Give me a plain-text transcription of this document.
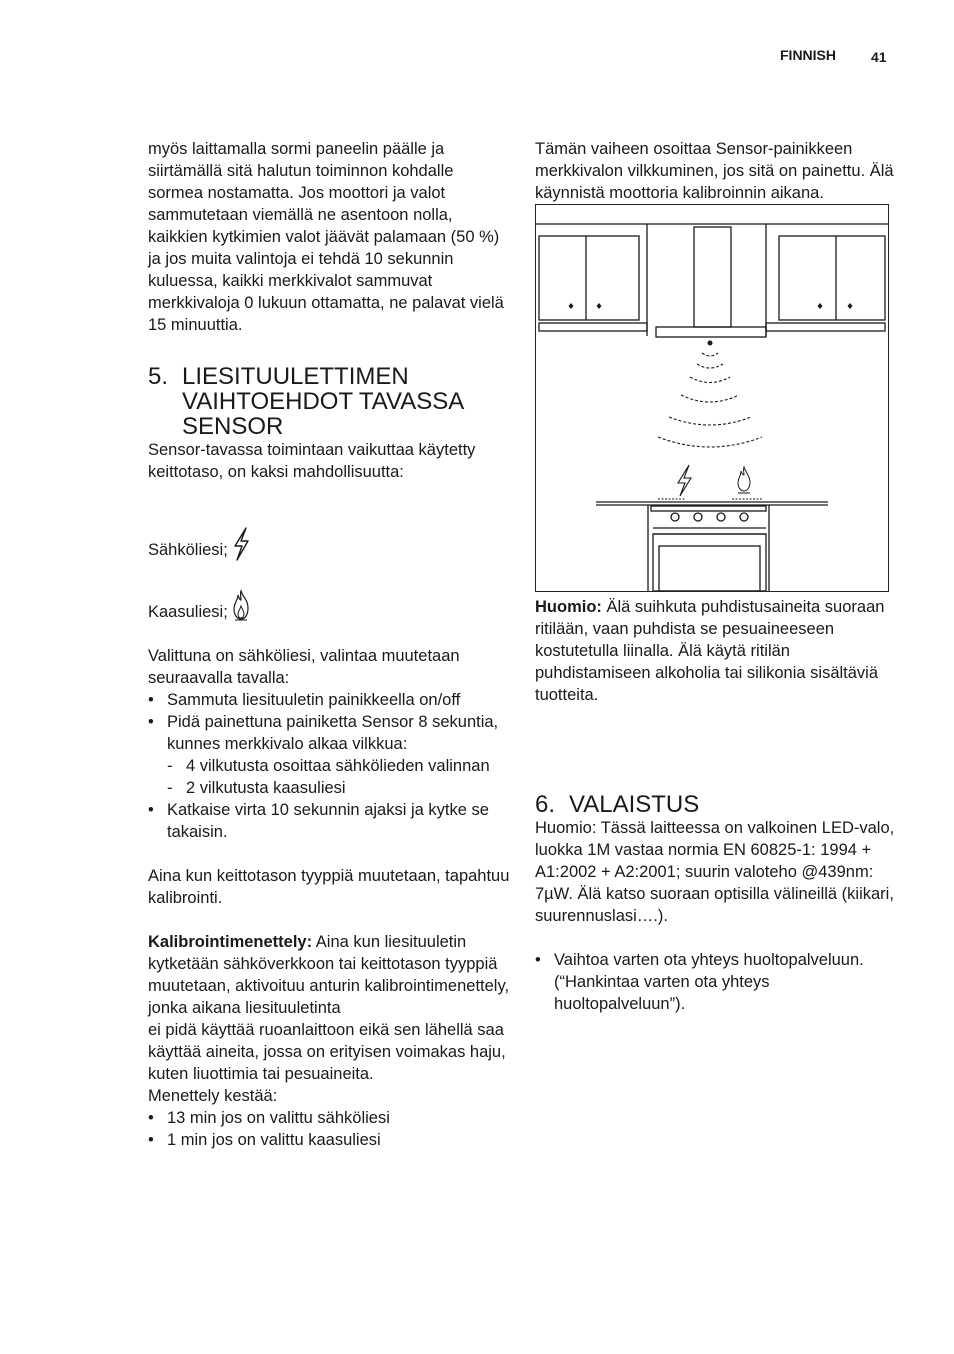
FINNISH	41

myös laittamalla sormi paneelin päälle ja siirtämällä sitä halutun toiminnon kohdalle sormea nostamatta. Jos moottori ja valot sammutetaan viemällä ne asentoon nolla, kaikkien kytkimien valot jäävät palamaan (50 %) ja jos muita valintoja ei tehdä 10 sekunnin kuluessa, kaikki merkkivalot sammuvat merkkivaloja 0 lukuun ottamatta, ne palavat vielä 15 minuuttia.

5. LIESITUULETTIMEN VAIHTOEHDOT TAVASSA SENSOR

Sensor-tavassa toimintaan vaikuttaa käytetty keittotaso, on kaksi mahdollisuutta:

Sähköliesi;

Kaasuliesi;

Valittuna on sähköliesi, valintaa muutetaan seuraavalla tavalla:

• Sammuta liesituuletin painikkeella on/off
• Pidä painettuna painiketta Sensor 8 sekuntia, kunnes merkkivalo alkaa vilkkua:
- 4 vilkutusta osoittaa sähkölieden valinnan
- 2 vilkutusta kaasuliesi
• Katkaise virta 10 sekunnin ajaksi ja kytke se takaisin.

Aina kun keittotason tyyppiä muutetaan, tapahtuu kalibrointi.

Kalibrointimenettely: Aina kun liesituuletin kytketään sähköverkkoon tai keittotason tyyppiä muutetaan, aktivoituu anturin kalibrointimenettely, jonka aikana liesituuletinta

ei pidä käyttää ruoanlaittoon eikä sen lähellä saa käyttää aineita, jossa on erityisen voimakas haju, kuten liuottimia tai pesuaineita.

Menettely kestää:

• 13 min jos on valittu sähköliesi
• 1 min jos on valittu kaasuliesi

Tämän vaiheen osoittaa Sensor-painikkeen merkkivalon vilkkuminen, jos sitä on painettu. Älä käynnistä moottoria kalibroinnin aikana.

Huomio: Älä suihkuta puhdistusaineita suoraan ritilään, vaan puhdista se pesuaineeseen kostutetulla liinalla. Älä käytä ritilän puhdistamiseen alkoholia tai silikonia sisältäviä tuotteita.

6. VALAISTUS

Huomio: Tässä laitteessa on valkoinen LED-valo, luokka 1M vastaa normia EN 60825-1: 1994 + A1:2002 + A2:2001; suurin valoteho @439nm: 7µW. Älä katso suoraan optisilla välineillä (kiikari, suurennuslasi….).

• Vaihtoa varten ota yhteys huoltopalveluun. (“Hankintaa varten ota yhteys huoltopalveluun”).
